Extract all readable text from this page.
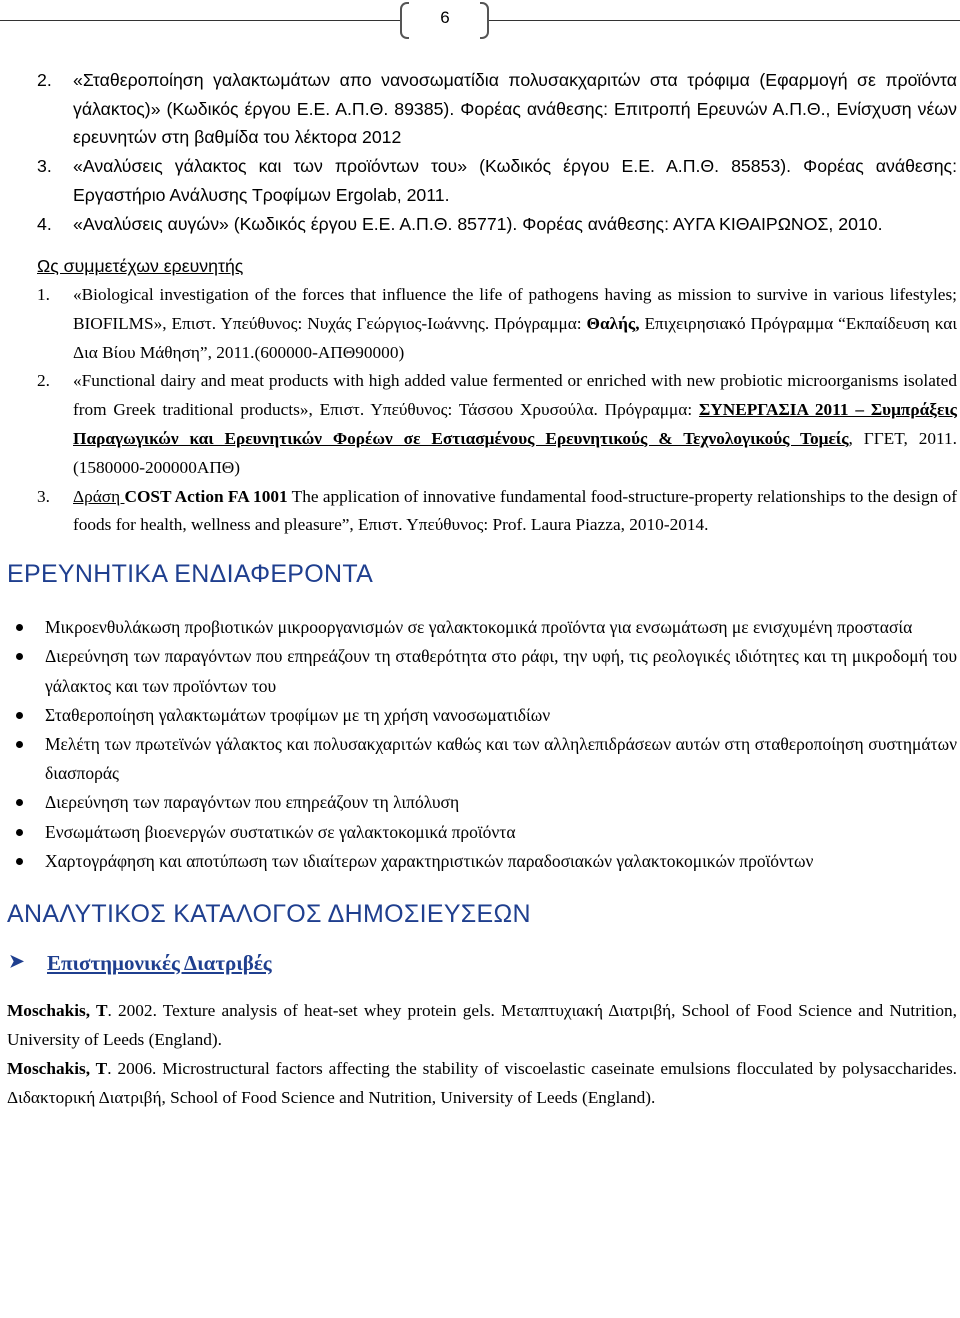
6
2. «Σταθεροποίηση γαλακτωμάτων απο νανοσωματίδια πολυσακχαριτών στα τρόφιμα (Εφαρμογή σε προϊόντα γάλακτος)» (Κωδικός έργου Ε.Ε. Α.Π.Θ. 89385). Φορέας ανάθεσης: Επιτροπή Ερευνών Α.Π.Θ., Ενίσχυση νέων ερευνητών στη βαθμίδα του λέκτορα 2012
3. «Αναλύσεις γάλακτος και των προϊόντων του» (Κωδικός έργου Ε.Ε. Α.Π.Θ. 85853). Φορέας ανάθεσης: Εργαστήριο Ανάλυσης Τροφίμων Ergolab, 2011.
4. «Αναλύσεις αυγών» (Κωδικός έργου Ε.Ε. Α.Π.Θ. 85771). Φορέας ανάθεσης: ΑΥΓΑ ΚΙΘΑΙΡΩΝΟΣ, 2010.
Ως συμμετέχων ερευνητής
1. «Biological investigation of the forces that influence the life of pathogens having as mission to survive in various lifestyles; BIOFILMS», Επιστ. Υπεύθυνος: Νυχάς Γεώργιος-Ιωάννης. Πρόγραμμα: Θαλής, Επιχειρησιακό Πρόγραμμα “Εκπαίδευση και Δια Βίου Μάθηση”, 2011.(600000-ΑΠΘ90000)
2. «Functional dairy and meat products with high added value fermented or enriched with new probiotic microorganisms isolated from Greek traditional products», Επιστ. Υπεύθυνος: Τάσσου Χρυσούλα. Πρόγραμμα: ΣΥΝΕΡΓΑΣΙΑ 2011 – Συμπράξεις Παραγωγικών και Ερευνητικών Φορέων σε Εστιασμένους Ερευνητικούς & Τεχνολογικούς Τομείς, ΓΓΕΤ, 2011. (1580000-200000ΑΠΘ)
3. Δράση COST Action FA 1001 The application of innovative fundamental food-structure-property relationships to the design of foods for health, wellness and pleasure”, Επιστ. Υπεύθυνος: Prof. Laura Piazza, 2010-2014.
ΕΡΕΥΝΗΤΙΚΑ ΕΝΔΙΑΦΕΡΟΝΤΑ
Μικροενθυλάκωση προβιοτικών μικροοργανισμών σε γαλακτοκομικά προϊόντα για ενσωμάτωση με ενισχυμένη προστασία
Διερεύνηση των παραγόντων που επηρεάζουν τη σταθερότητα στο ράφι, την υφή, τις ρεολογικές ιδιότητες και τη μικροδομή του γάλακτος και των προϊόντων του
Σταθεροποίηση γαλακτωμάτων τροφίμων με τη χρήση νανοσωματιδίων
Μελέτη των πρωτεϊνών γάλακτος και πολυσακχαριτών καθώς και των αλληλεπιδράσεων αυτών στη σταθεροποίηση συστημάτων διασποράς
Διερεύνηση των παραγόντων που επηρεάζουν τη λιπόλυση
Ενσωμάτωση βιοενεργών συστατικών σε γαλακτοκομικά προϊόντα
Χαρτογράφηση και αποτύπωση των ιδιαίτερων χαρακτηριστικών παραδοσιακών γαλακτοκομικών προϊόντων
ΑΝΑΛΥΤΙΚΟΣ ΚΑΤΑΛΟΓΟΣ ΔΗΜΟΣΙΕΥΣΕΩΝ
➤ Επιστημονικές Διατριβές
Moschakis, T. 2002. Texture analysis of heat-set whey protein gels. Μεταπτυχιακή Διατριβή, School of Food Science and Nutrition, University of Leeds (England).
Moschakis, T. 2006. Microstructural factors affecting the stability of viscoelastic caseinate emulsions flocculated by polysaccharides. Διδακτορική Διατριβή, School of Food Science and Nutrition, University of Leeds (England).
